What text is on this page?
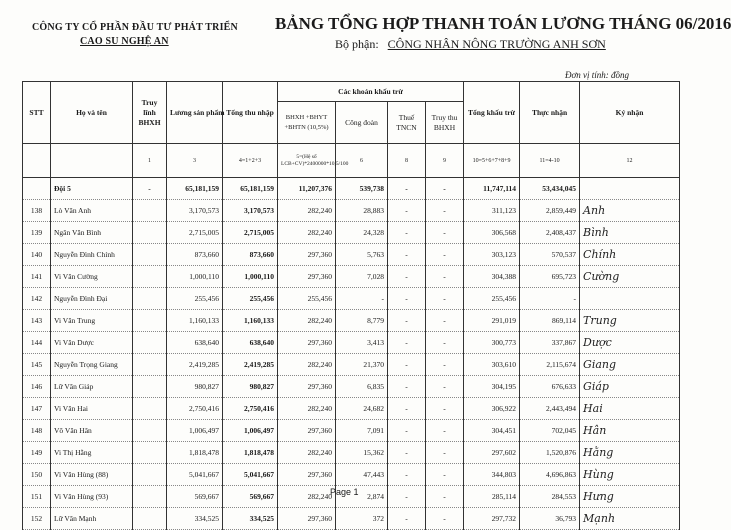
CÔNG TY CỔ PHẦN ĐẦU TƯ PHÁT TRIỂN
CAO SU NGHỆ AN
BẢNG TỔNG HỢP THANH TOÁN LƯƠNG THÁNG 06/2016
Bộ phận: CÔNG NHÂN NÔNG TRƯỜNG ANH SƠN
Đơn vị tính: đồng
STT	Họ và tên	Truy lĩnh BHXH	Lương sản phẩm	Tổng thu nhập	Các khoản khấu trừ				Tổng khấu trừ	Thực nhận	Ký nhận
					BHXH +BHYT +BHTN (10,5%)	Công đoàn	Thuế TNCN	Truy thu BHXH			
		1	3	4=1+2+3	5=(Hệ số LCB+CV)*2400000*10,5/100	6	8	9	10=5+6+7+8+9	11=4-10	12
	Đội 5	-	65,181,159	65,181,159	11,207,376	539,738	-	-	11,747,114	53,434,045	
138	Lò Văn Anh		3,170,573	3,170,573	282,240	28,883	-	-	311,123	2,859,449	Anh
139	Ngân Văn Bình		2,715,005	2,715,005	282,240	24,328	-	-	306,568	2,408,437	Bình
140	Nguyễn Đình Chính		873,660	873,660	297,360	5,763	-	-	303,123	570,537	Chính
141	Vi Văn Cường		1,000,110	1,000,110	297,360	7,028	-	-	304,388	695,723	Cường
142	Nguyễn Đình Đại		255,456	255,456	255,456	-	-	-	255,456	-	
143	Vi Văn Trung		1,160,133	1,160,133	282,240	8,779	-	-	291,019	869,114	Trung
144	Vi Văn Dược		638,640	638,640	297,360	3,413	-	-	300,773	337,867	Dược
145	Nguyễn Trọng Giang		2,419,285	2,419,285	282,240	21,370	-	-	303,610	2,115,674	Giang
146	Lữ Văn Giáp		980,827	980,827	297,360	6,835	-	-	304,195	676,633	Giáp
147	Vi Văn Hai		2,750,416	2,750,416	282,240	24,682	-	-	306,922	2,443,494	Hai
148	Võ Văn Hân		1,006,497	1,006,497	297,360	7,091	-	-	304,451	702,045	Hân
149	Vi Thị Hằng		1,818,478	1,818,478	282,240	15,362	-	-	297,602	1,520,876	Hằng
150	Vi Văn Hùng (88)		5,041,667	5,041,667	297,360	47,443	-	-	344,803	4,696,863	Hùng
151	Vi Văn Hùng (93)		569,667	569,667	282,240	2,874	-	-	285,114	284,553	Hưng
152	Lữ Văn Mạnh		334,525	334,525	297,360	372	-	-	297,732	36,793	Mạnh
Page 1
